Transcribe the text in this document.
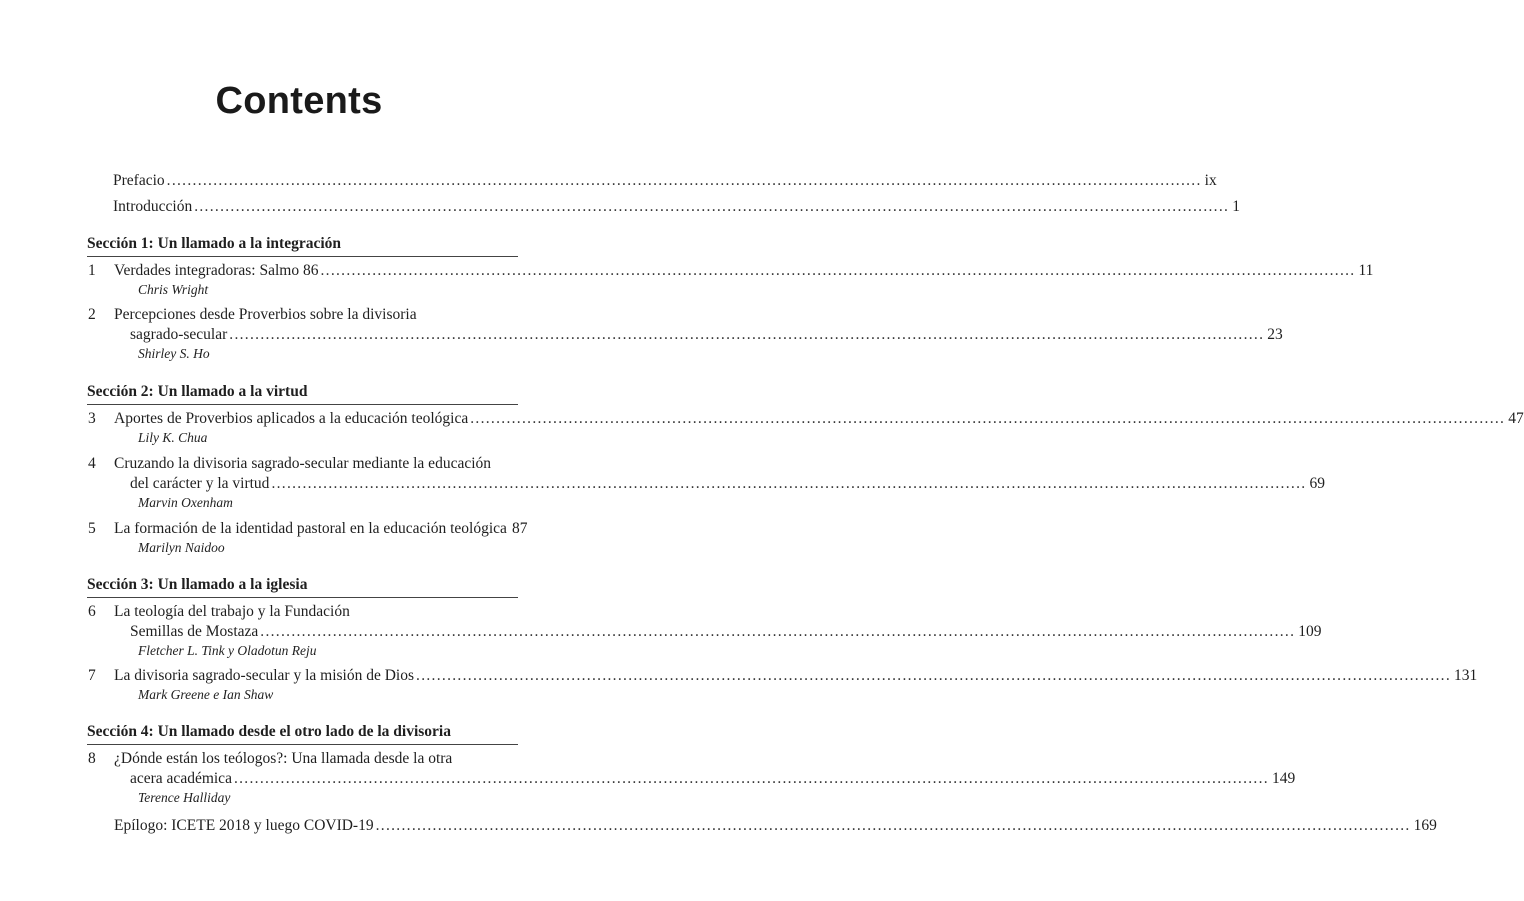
Contents
Prefacio ........................................................................................................................................................................................................ ix
Introducción ........................................................................................................................................................................................................ 1
Sección 1: Un llamado a la integración
1 Verdades integradoras: Salmo 86 ........................................................................................................................................................................................................ 11
Chris Wright
2 Percepciones desde Proverbios sobre la divisoria
sagrado-secular ........................................................................................................................................................................................................ 23
Shirley S. Ho
Sección 2: Un llamado a la virtud
3 Aportes de Proverbios aplicados a la educación teológica ........................................................................................................................................................................................................ 47
Lily K. Chua
4 Cruzando la divisoria sagrado-secular mediante la educación
del carácter y la virtud ........................................................................................................................................................................................................ 69
Marvin Oxenham
5 La formación de la identidad pastoral en la educación teológica 87
Marilyn Naidoo
Sección 3: Un llamado a la iglesia
6 La teología del trabajo y la Fundación
Semillas de Mostaza ........................................................................................................................................................................................................ 109
Fletcher L. Tink y Oladotun Reju
7 La divisoria sagrado-secular y la misión de Dios ........................................................................................................................................................................................................ 131
Mark Greene e Ian Shaw
Sección 4: Un llamado desde el otro lado de la divisoria
8 ¿Dónde están los teólogos?: Una llamada desde la otra
acera académica ........................................................................................................................................................................................................ 149
Terence Halliday
Epílogo: ICETE 2018 y luego COVID-19 ........................................................................................................................................................................................................ 169
